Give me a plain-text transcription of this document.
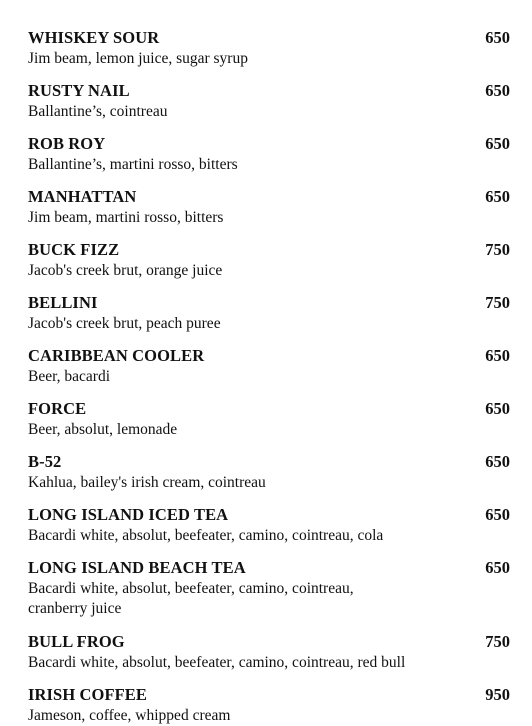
WHISKEY SOUR	650
Jim beam, lemon juice, sugar syrup
RUSTY NAIL	650
Ballantine’s, cointreau
ROB ROY	650
Ballantine’s, martini rosso, bitters
MANHATTAN	650
Jim beam, martini rosso, bitters
BUCK FIZZ	750
Jacob's creek brut, orange juice
BELLINI	750
Jacob's creek brut, peach puree
CARIBBEAN COOLER	650
Beer, bacardi
FORCE	650
Beer, absolut, lemonade
B-52	650
Kahlua, bailey's irish cream, cointreau
LONG ISLAND ICED TEA	650
Bacardi white, absolut, beefeater, camino, cointreau, cola
LONG ISLAND BEACH TEA	650
Bacardi white, absolut, beefeater, camino, cointreau, cranberry juice
BULL FROG	750
Bacardi white, absolut, beefeater, camino, cointreau, red bull
IRISH COFFEE	950
Jameson, coffee, whipped cream
